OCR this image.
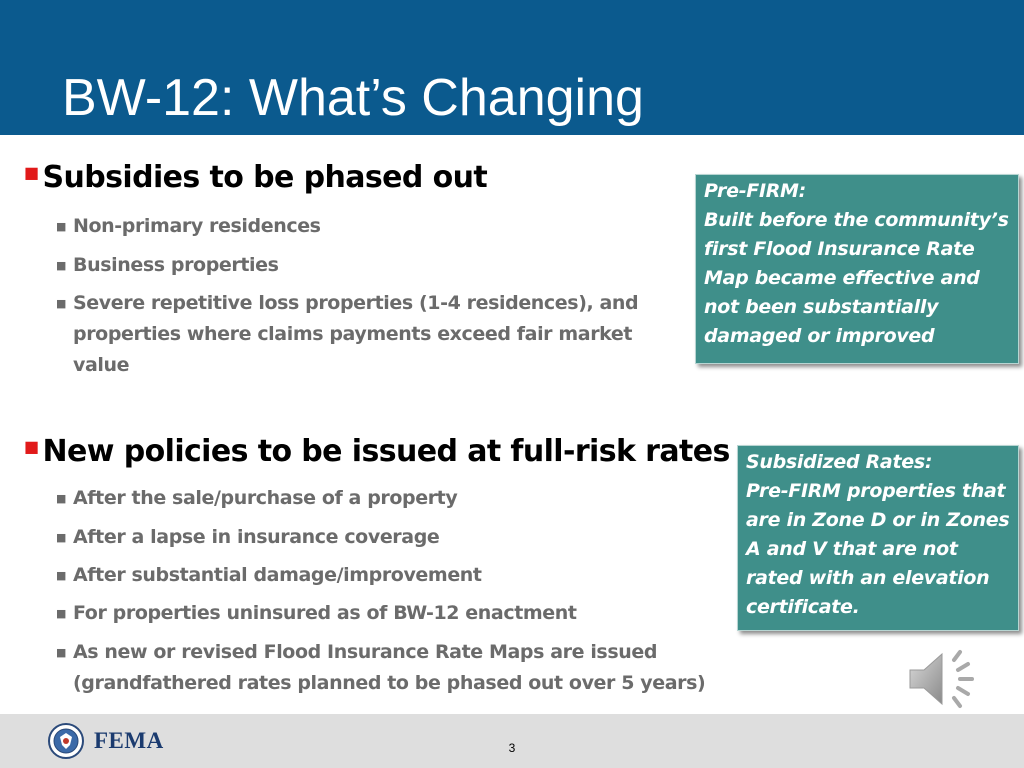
BW-12: What’s Changing
■ Subsidies to be phased out
■ Non-primary residences
■ Business properties
■ Severe repetitive loss properties (1-4 residences), and properties where claims payments exceed fair market value
■ New policies to be issued at full-risk rates
■ After the sale/purchase of a property
■ After a lapse in insurance coverage
■ After substantial damage/improvement
■ For properties uninsured as of BW-12 enactment
■ As new or revised Flood Insurance Rate Maps are issued (grandfathered rates planned to be phased out over 5 years)
Pre-FIRM:
Built before the community’s first Flood Insurance Rate Map became effective and not been substantially damaged or improved
Subsidized Rates:
Pre-FIRM properties that are in Zone D or in Zones A and V that are not rated with an elevation certificate.
FEMA	3
